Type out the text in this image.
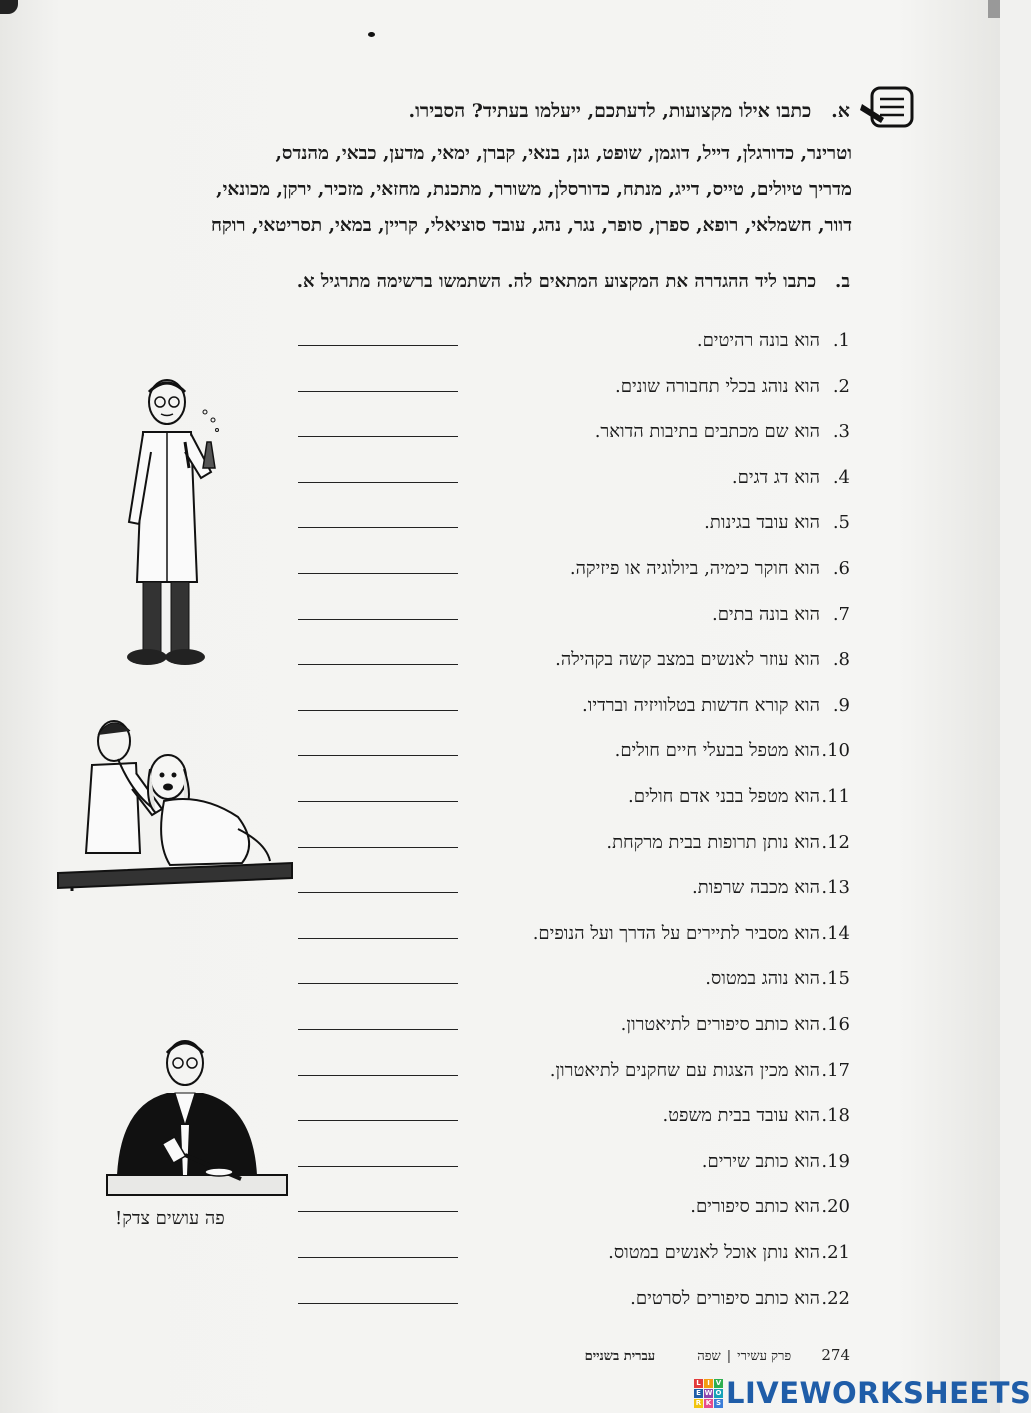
א.   כתבו אילו מקצועות, לדעתכם, ייעלמו בעתיד? הסבירו.
וטרינר, כדורגלן, דייל, דוגמן, שופט, גנן, בנאי, קברן, ימאי, מדען, כבאי, מהנדס,
מדריך טיולים, טייס, דייג, מנתח, כדורסלן, משורר, מתכנת, מחזאי, מזכיר, ירקן, מכונאי,
דוור, חשמלאי, רופא, ספרן, סופר, נגר, נהג, עובד סוציאלי, קריין, במאי, תסריטאי, רוקח
ב.   כתבו ליד ההגדרה את המקצוע המתאים לה. השתמשו ברשימה מתרגיל א.
1.הוא בונה רהיטים.
2.הוא נוהג בכלי תחבורה שונים.
3.הוא שם מכתבים בתיבות הדואר.
4.הוא דג דגים.
5.הוא עובד בגינות.
6.הוא חוקר כימיה, ביולוגיה או פיזיקה.
7.הוא בונה בתים.
8.הוא עוזר לאנשים במצב קשה בקהילה.
9.הוא קורא חדשות בטלוויזיה וברדיו.
10.הוא מטפל בבעלי חיים חולים.
11.הוא מטפל בבני אדם חולים.
12.הוא נותן תרופות בבית מרקחת.
13.הוא מכבה שרפות.
14.הוא מסביר לתיירים על הדרך ועל הנופים.
15.הוא נוהג במטוס.
16.הוא כותב סיפורים לתיאטרון.
17.הוא מכין הצגות עם שחקנים לתיאטרון.
18.הוא עובד בבית משפט.
19.הוא כותב שירים.
20.הוא כותב סיפורים.
21.הוא נותן אוכל לאנשים במטוס.
22.הוא כותב סיפורים לסרטים.
פה עושים צדק!
274 פרק עשירי|שפה עברית בשניים
L I V
E W O
R K S LIVEWORKSHEETS
